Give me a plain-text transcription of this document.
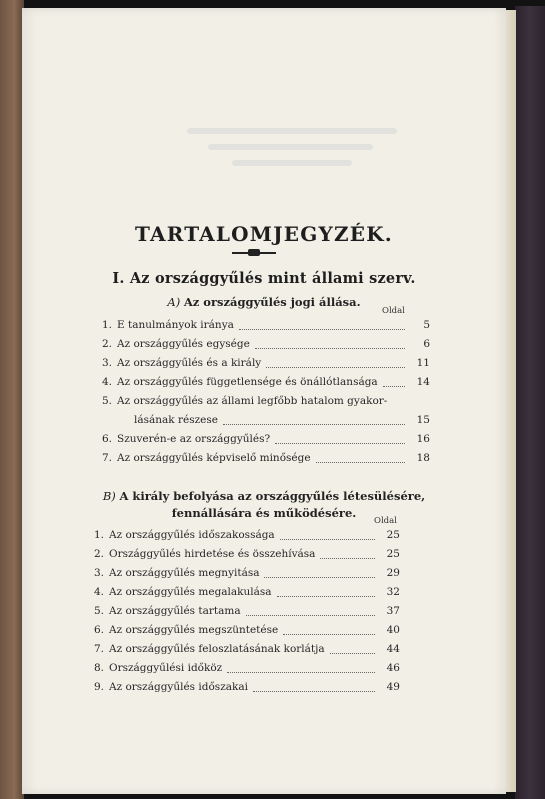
TARTALOMJEGYZÉK.
I. Az országgyűlés mint állami szerv.

A) Az országgyűlés jogi állása.

Oldal
1. E tanulmányok iránya	5
2. Az országgyűlés egysége	6
3. Az országgyűlés és a király	11
4. Az országgyűlés függetlensége és önállótlansága	14
5. Az országgyűlés az állami legfőbb hatalom gyakor-
lásának részese	15
6. Szuverén-e az országgyűlés?	16
7. Az országgyűlés képviselő minősége	18

B) A király befolyása az országgyűlés létesülésére,
fennállására és működésére.

Oldal
1. Az országgyűlés időszakossága	25
2. Országgyűlés hirdetése és összehívása	25
3. Az országgyűlés megnyitása	29
4. Az országgyűlés megalakulása	32
5. Az országgyűlés tartama	37
6. Az országgyűlés megszüntetése	40
7. Az országgyűlés feloszlatásának korlátja	44
8. Országgyűlési időköz	46
9. Az országgyűlés időszakai	49
